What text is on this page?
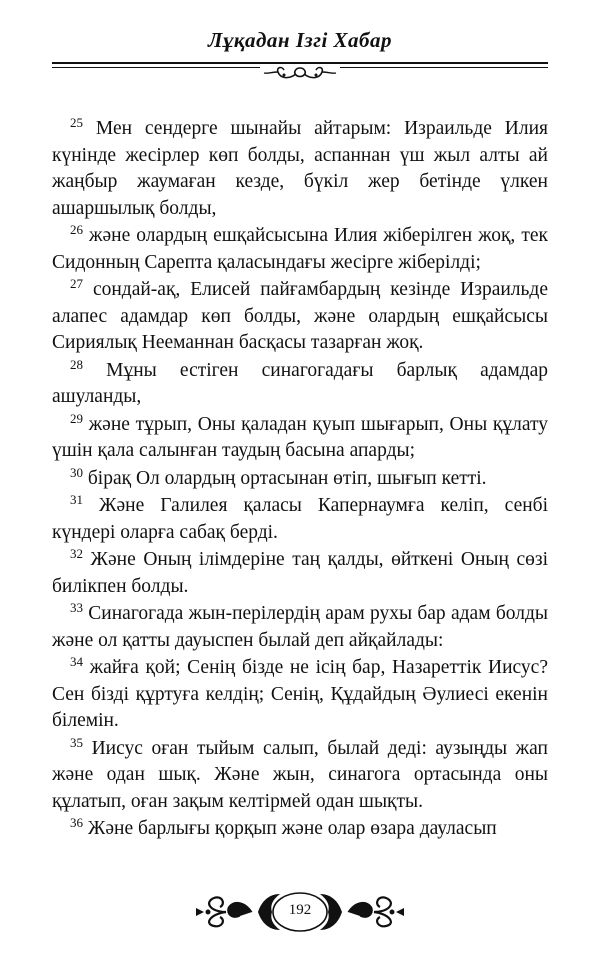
Лұқадан Ізгі Хабар

$^{25}$ Мен сендерге шынайы айтарым: Израильде Илия күнінде жесірлер көп болды, аспаннан үш жыл алты ай жаңбыр жаумаған кезде, бүкіл жер бетінде үлкен ашаршылық болды,

$^{26}$ және олардың ешқайсысына Илия жіберілген жоқ, тек Сидонның Сарепта қаласындағы жесірге жіберілді;

$^{27}$ сондай-ақ, Елисей пайғамбардың кезінде Израильде алапес адамдар көп болды, және олардың ешқайсысы Сириялық Нееманнан басқасы тазарған жоқ.

$^{28}$ Мұны естіген синагогадағы барлық адамдар ашуланды,

$^{29}$ және тұрып, Оны қаладан қуып шығарып, Оны құлату үшін қала салынған таудың басына апарды;

$^{30}$ бірақ Ол олардың ортасынан өтіп, шығып кетті.

$^{31}$ Және Галилея қаласы Капернаумға келіп, сенбі күндері оларға сабақ берді.

$^{32}$ Және Оның ілімдеріне таң қалды, өйткені Оның сөзі билікпен болды.

$^{33}$ Синагогада жын-перілердің арам рухы бар адам болды және ол қатты дауыспен былай деп айқайлады:

$^{34}$ жайға қой; Сенің бізде не ісің бар, Назареттік Иисус? Сен бізді құртуға келдің; Сенің, Құдайдың Әулиесі екенін білемін.

$^{35}$ Иисус оған тыйым салып, былай деді: аузыңды жап және одан шық. Және жын, синагога ортасында оны құлатып, оған зақым келтірмей одан шықты.

$^{36}$ Және барлығы қорқып және олар өзара дауласып

192
